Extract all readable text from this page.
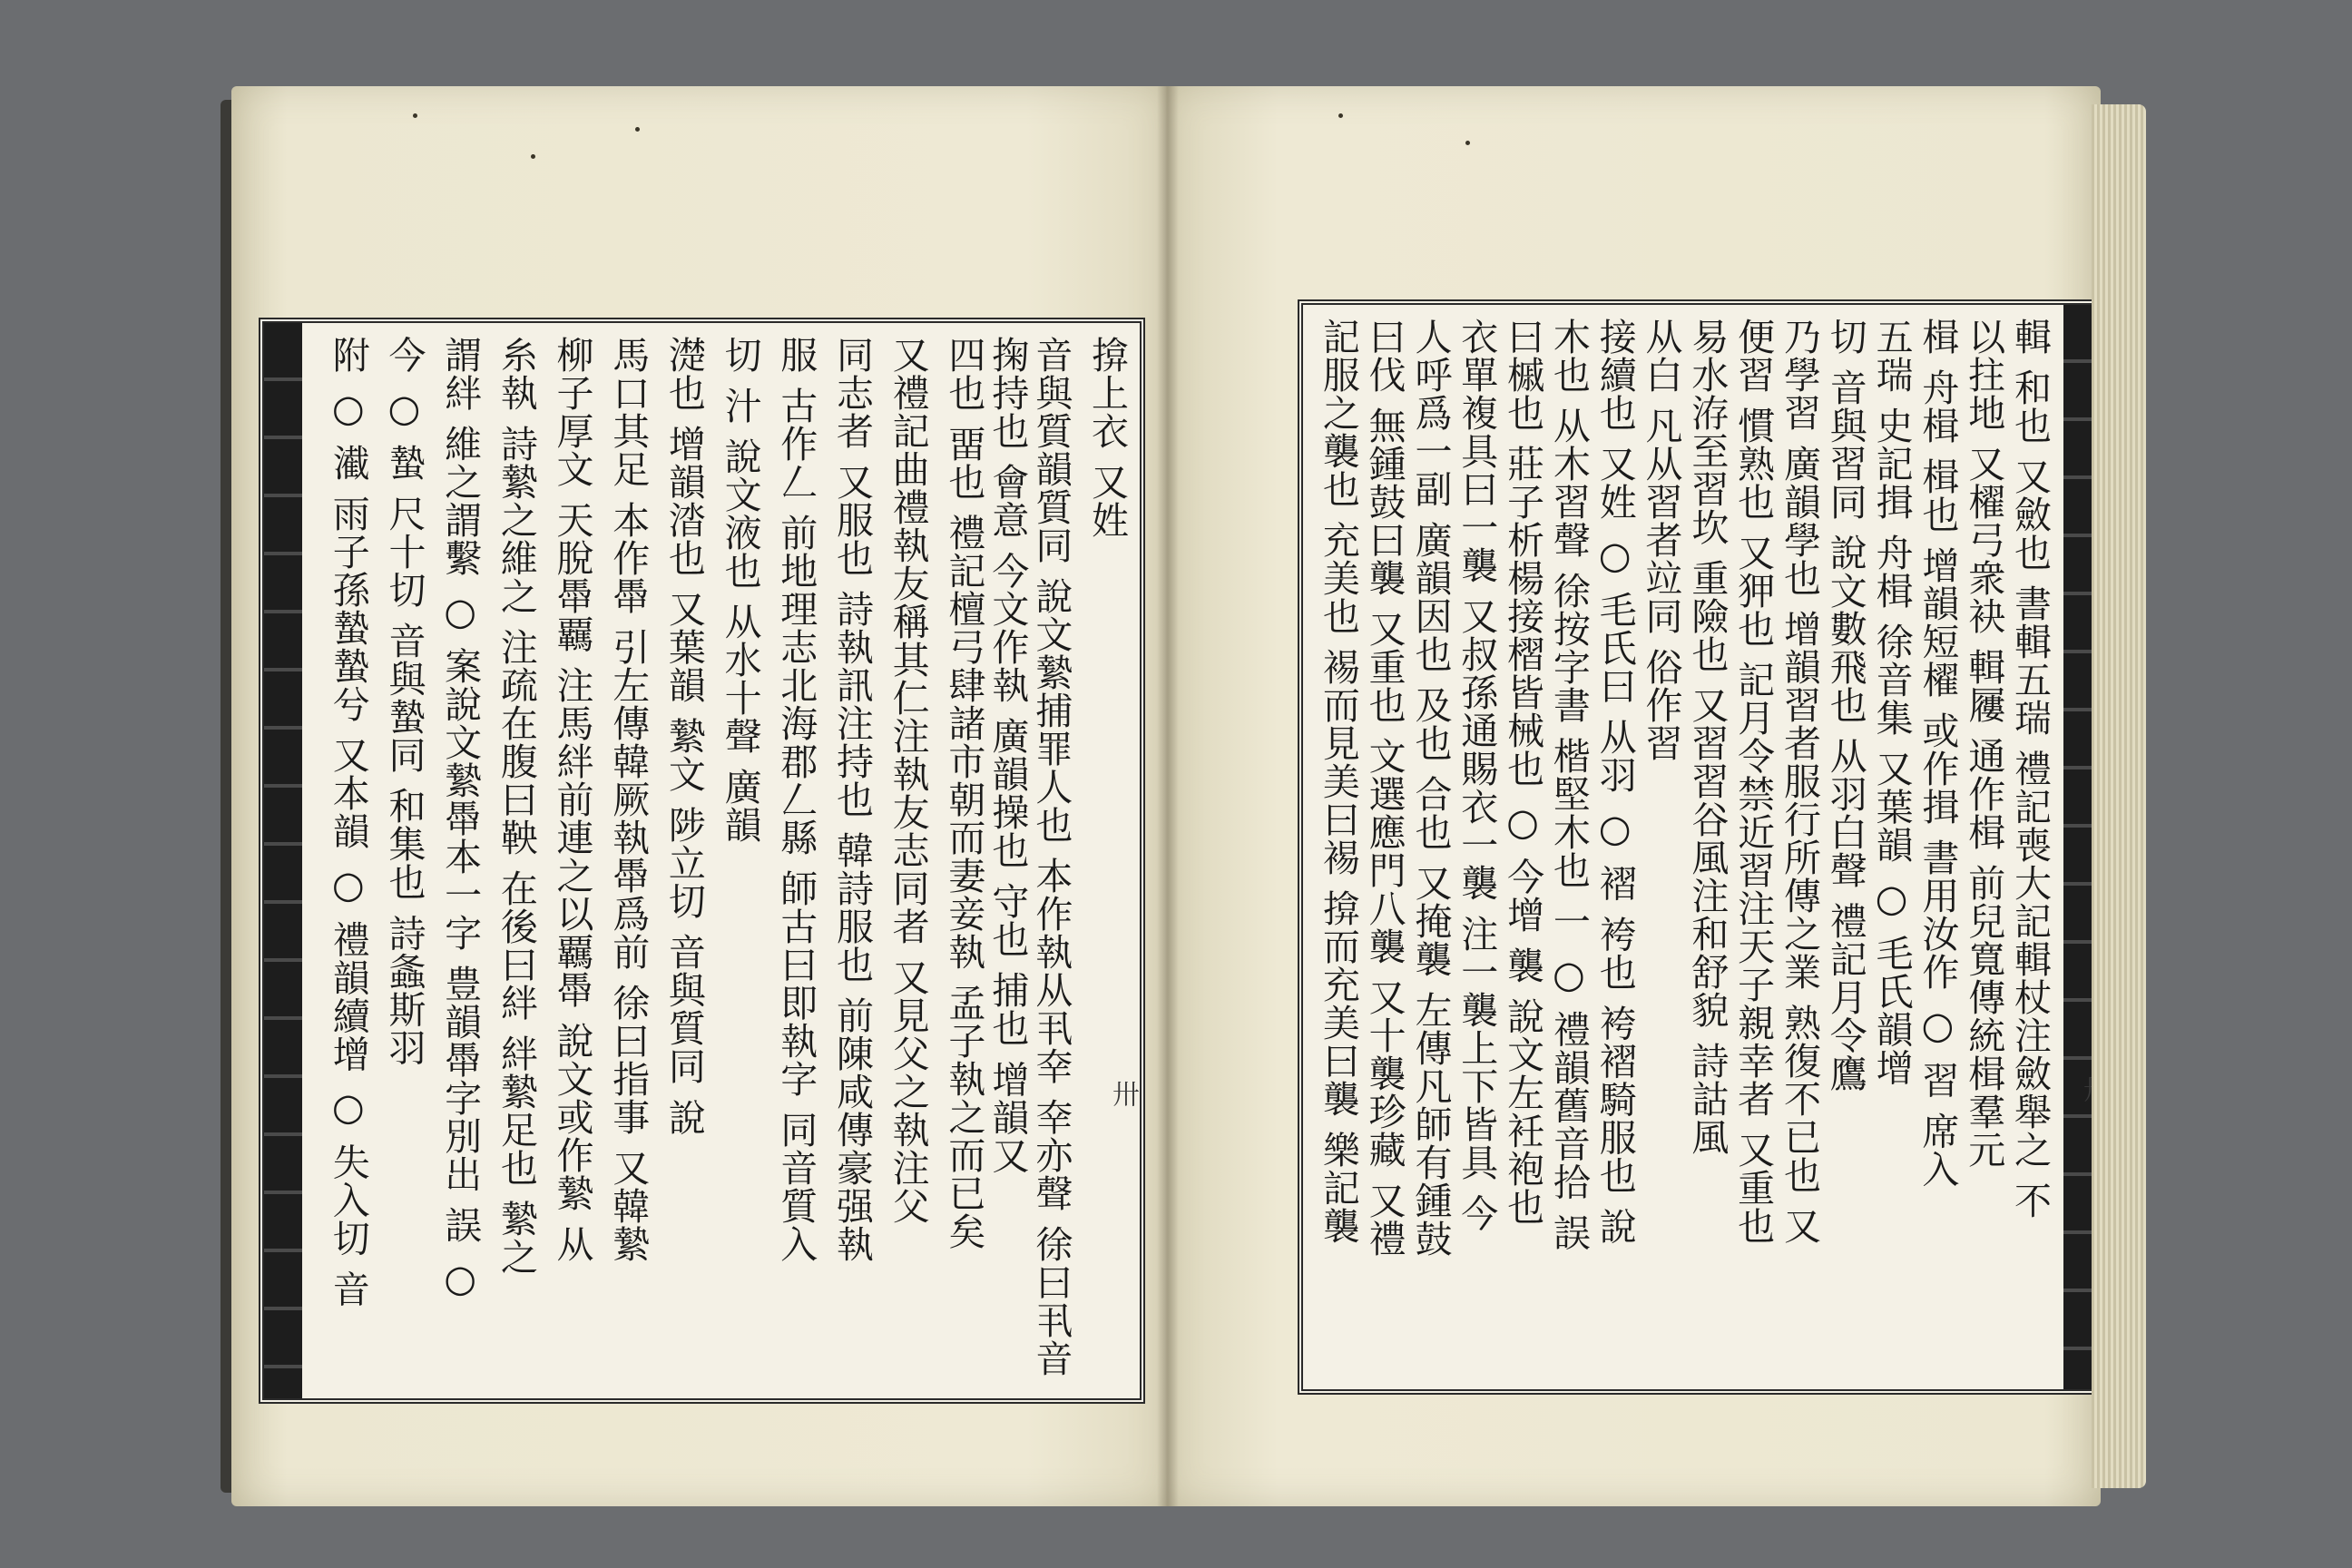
揜上衣 又姓
音與質韻質同 說文縶捕罪人也 本作執从丮㚔 㚔亦聲 徐曰丮音掬持也 會意 今文作執 廣韻操也 守也 捕也 增韻又
四也 畱也 禮記檀弓肆諸市朝而妻妾執 孟子執之而已矣
又禮記曲禮執友稱其仁注執友志同者 又見父之執注父
同志者 又服也 詩執訊注持也 韓詩服也 前陳咸傳豪强執
服 古作𠃋 前地理志北海郡𠃋縣 師古曰即執字 同音質入
切 汁 說文液也 从水十聲 廣韻
濋也 增韻涾也 又葉韻 縶文 陟立切 音與質同 說
馬口其足 本作馽 引左傳韓厥執馽爲前 徐曰指事 又韓縶
柳子厚文 天脫馽覊 注馬絆前連之以覊馽 說文或作縶 从
糸執 詩縶之維之 注疏在腹曰鞅 在後曰絆 絆縶足也 縶之
謂絆 維之謂繫 ○ 案說文縶馽本一字 豊韻馽字別出 誤 ○
今 ○ 蟄 尺十切 音與蟄同 和集也 詩螽斯羽
附 ○ 㵶 雨子孫蟄蟄兮 又本韻 ○ 禮韻續增 ○ 失入切 音	卅	輯 和也 又斂也 書輯五瑞 禮記喪大記輯杖注斂舉之 不
以拄地 又櫂弓衆袂 輯屨 通作楫 前兒寬傳統楫羣元
楫 舟楫 楫也 增韻短櫂 或作揖 書用汝作 ○ 習 席入
五瑞 史記揖 舟楫 徐音集 又葉韻 ○ 毛氏韻增
切 音與習同 說文數飛也 从羽白聲 禮記月令鷹
乃學習 廣韻學也 增韻習者服行所傳之業 熟復不已也 又
便習 慣熟也 又狎也 記月令禁近習注天子親幸者 又重也
易水洊至習坎 重險也 又習習谷風注和舒貌 詩詁風
从白 凡从習者竝同 俗作習
接續也 又姓 ○ 毛氏曰 从羽 ○ 褶 袴也 袴褶騎服也 說
木也 从木習聲 徐按字書 楷堅木也 一 ○ 禮韻舊音拾 誤
曰槭也 莊子析楊接槢皆械也 ○ 今增 襲 說文左衽袍也
衣單複具曰一襲 又叔孫通賜衣一襲 注一襲上下皆具 今
人呼爲一副 廣韻因也 及也 合也 又掩襲 左傳凡師有鍾鼓
曰伐 無鍾鼓曰襲 又重也 文選應門八襲 又十襲珍藏 又禮
記服之襲也 充美也 裼而見美曰裼 揜而充美曰襲 樂記襲
